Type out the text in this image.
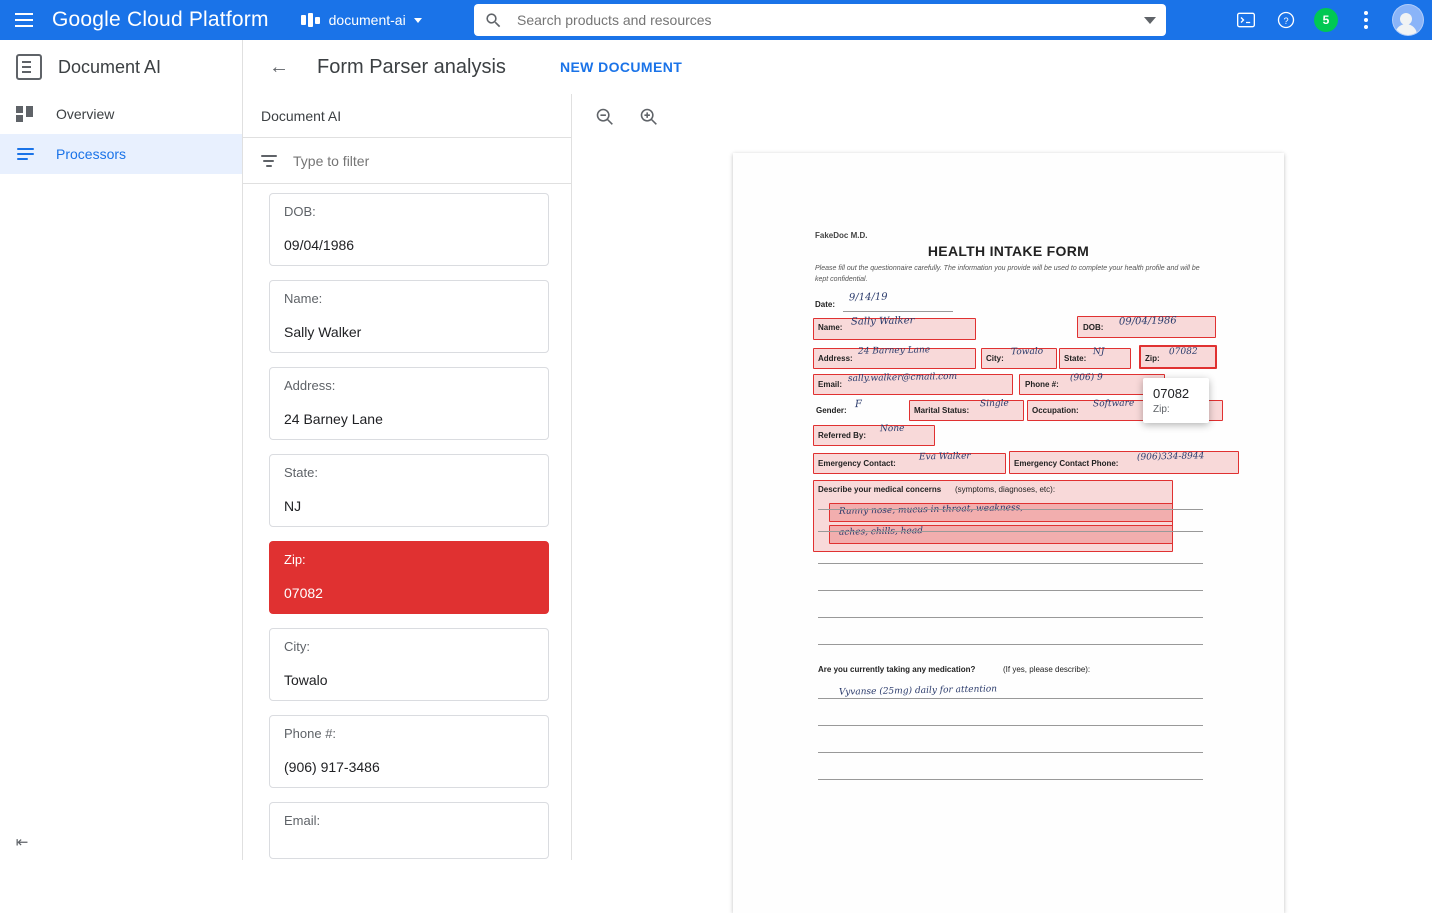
Google Cloud Platform	document-ai
Search products and resources	?	5
Document AI
Overview
Processors
⇤
←	Form Parser analysis	NEW DOCUMENT
Document AI
Type to filter
DOB:
09/04/1986
Name:
Sally Walker
Address:
24 Barney Lane
State:
NJ
Zip:
07082
City:
Towalo
Phone #:
(906) 917-3486
Email:
FakeDoc M.D.
HEALTH INTAKE FORM
Please fill out the questionnaire carefully. The information you provide will be used to complete your health profile and will be kept confidential.
Date:
9/14/19
Name: Sally Walker	DOB: 09/04/1986
Address:
24 Barney Lane
City:
Towalo
State:
NJ
Zip:
07082
Email:
sally.walker@cmail.com
Phone #:
(906) 9
Gender:
F
Marital Status:
Single
Occupation:
Software
Referred By:
None
Emergency Contact:
Eva Walker
Emergency Contact Phone:
(906)334-8944
Describe your medical concerns (symptoms, diagnoses, etc):
Runny nose, mucus in throat, weakness,
aches, chills, head
Are you currently taking any medication?	(If yes, please describe):
Vyvanse (25mg) daily for attention
07082
Zip:
